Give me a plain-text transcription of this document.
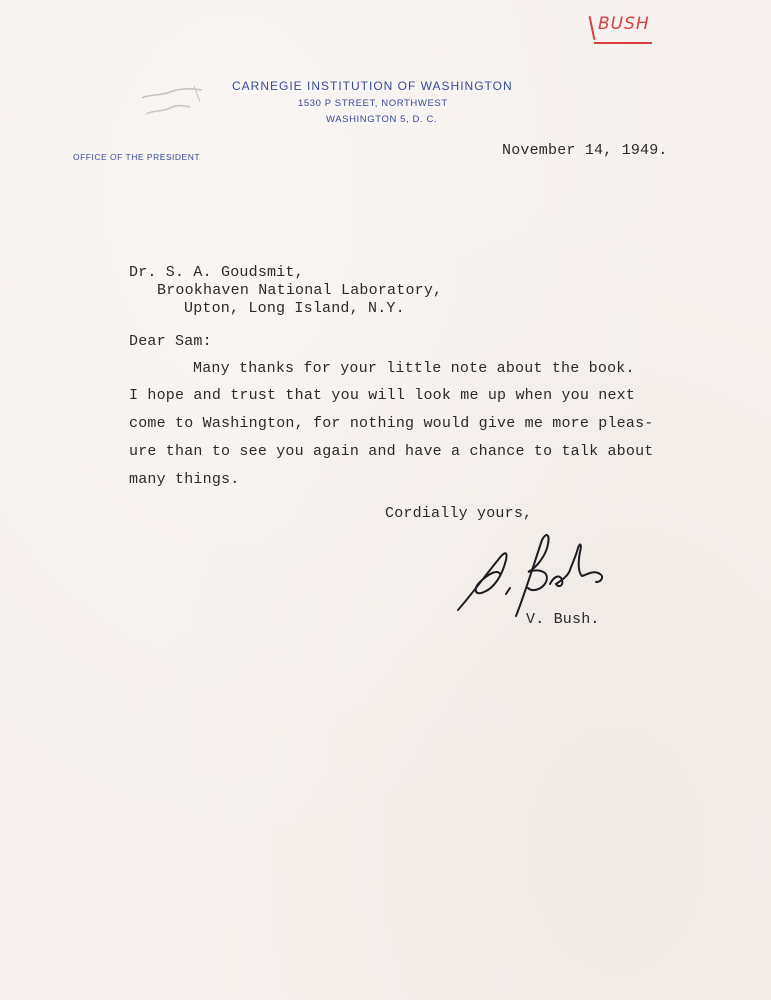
BUSH
CARNEGIE INSTITUTION OF WASHINGTON
1530 P STREET, NORTHWEST
WASHINGTON 5, D. C.
OFFICE OF THE PRESIDENT	November 14, 1949.
Dr. S. A. Goudsmit,
Brookhaven National Laboratory,
Upton, Long Island, N.Y.
Dear Sam:
Many thanks for your little note about the book.
I hope and trust that you will look me up when you next
come to Washington, for nothing would give me more pleas-
ure than to see you again and have a chance to talk about
many things.
Cordially yours,
V. Bush.
